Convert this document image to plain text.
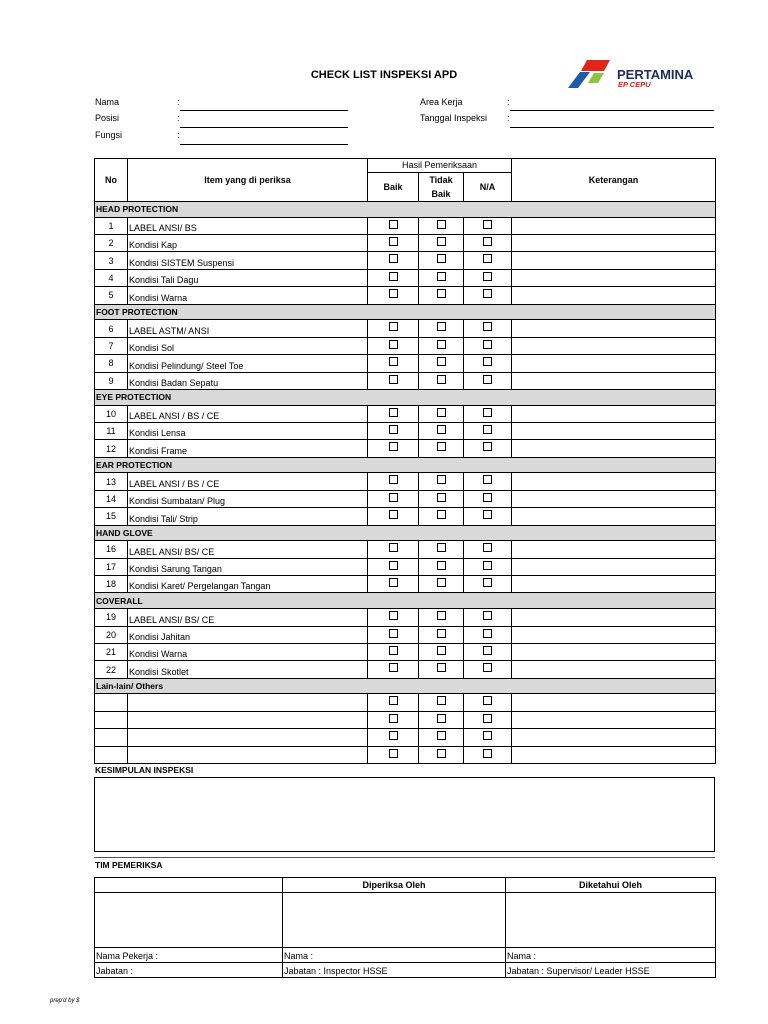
CHECK LIST INSPEKSI APD	PERTAMINA
EP CEPU
Nama	:
Posisi	:
Fungsi	:
Area Kerja	:
Tanggal Inspeksi :
No	Item yang di periksa	Hasil Pemeriksaan			Keterangan
		Baik	Tidak Baik	N/A	
HEAD PROTECTION					
1	LABEL ANSI/ BS	

2	Kondisi Kap	

3	Kondisi SISTEM Suspensi	

4	Kondisi Tali Dagu	

5	Kondisi Warna	

FOOT PROTECTION					
6	LABEL ASTM/ ANSI	

7	Kondisi Sol	

8	Kondisi Pelindung/ Steel Toe	

9	Kondisi Badan Sepatu	

EYE PROTECTION					
10	LABEL ANSI / BS / CE	

11	Kondisi Lensa	

12	Kondisi Frame	

EAR PROTECTION					
13	LABEL ANSI / BS / CE	

14	Kondisi Sumbatan/ Plug	

15	Kondisi Tali/ Strip	

HAND GLOVE					
16	LABEL ANSI/ BS/ CE	

17	Kondisi Sarung Tangan	

18	Kondisi Karet/ Pergelangan Tangan	

COVERALL					
19	LABEL ANSI/ BS/ CE	

20	Kondisi Jahitan	

21	Kondisi Warna	

22	Kondisi Skotlet	

Lain-lain/ Others					

KESIMPULAN INSPEKSI
TIM PEMERIKSA
	Diperiksa Oleh	Diketahui Oleh

Nama Pekerja :	Nama :	Nama :
Jabatan :	Jabatan : Inspector HSSE	Jabatan : Supervisor/ Leader HSSE
prep'd by $
